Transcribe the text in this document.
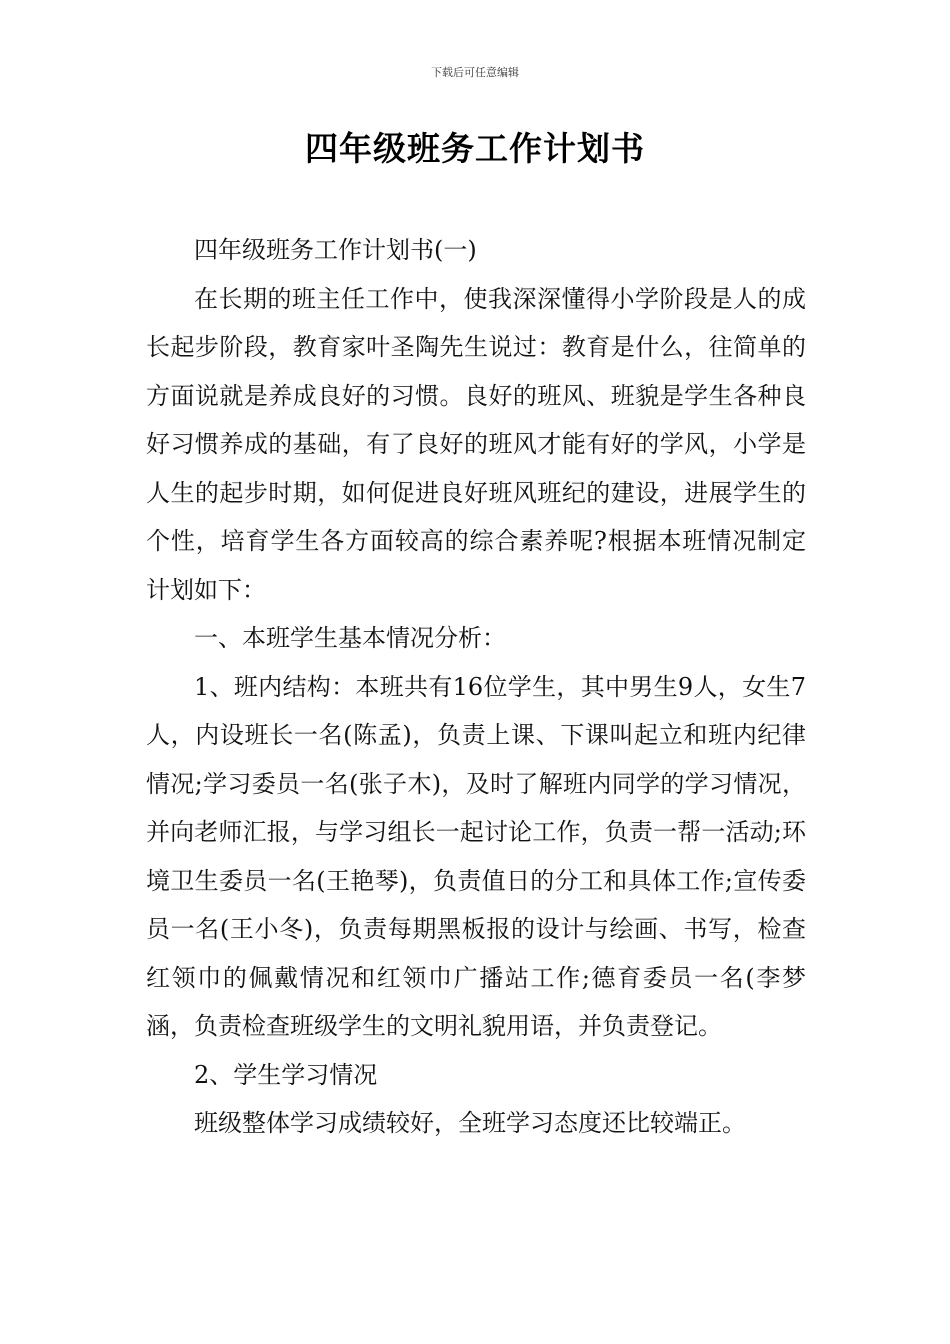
下载后可任意编辑
四年级班务工作计划书

四年级班务工作计划书(一)

在长期的班主任工作中，使我深深懂得小学阶段是人的成长起步阶段，教育家叶圣陶先生说过：教育是什么，往简单的方面说就是养成良好的习惯。良好的班风、班貌是学生各种良好习惯养成的基础，有了良好的班风才能有好的学风，小学是人生的起步时期，如何促进良好班风班纪的建设，进展学生的个性，培育学生各方面较高的综合素养呢?根据本班情况制定计划如下：

一、本班学生基本情况分析：

1、班内结构：本班共有16位学生，其中男生9人，女生7人，内设班长一名(陈孟)，负责上课、下课叫起立和班内纪律情况;学习委员一名(张子木)，及时了解班内同学的学习情况，并向老师汇报，与学习组长一起讨论工作，负责一帮一活动;环境卫生委员一名(王艳琴)，负责值日的分工和具体工作;宣传委员一名(王小冬)，负责每期黑板报的设计与绘画、书写，检查红领巾的佩戴情况和红领巾广播站工作;德育委员一名(李梦涵，负责检查班级学生的文明礼貌用语，并负责登记。

2、学生学习情况

班级整体学习成绩较好，全班学习态度还比较端正。
